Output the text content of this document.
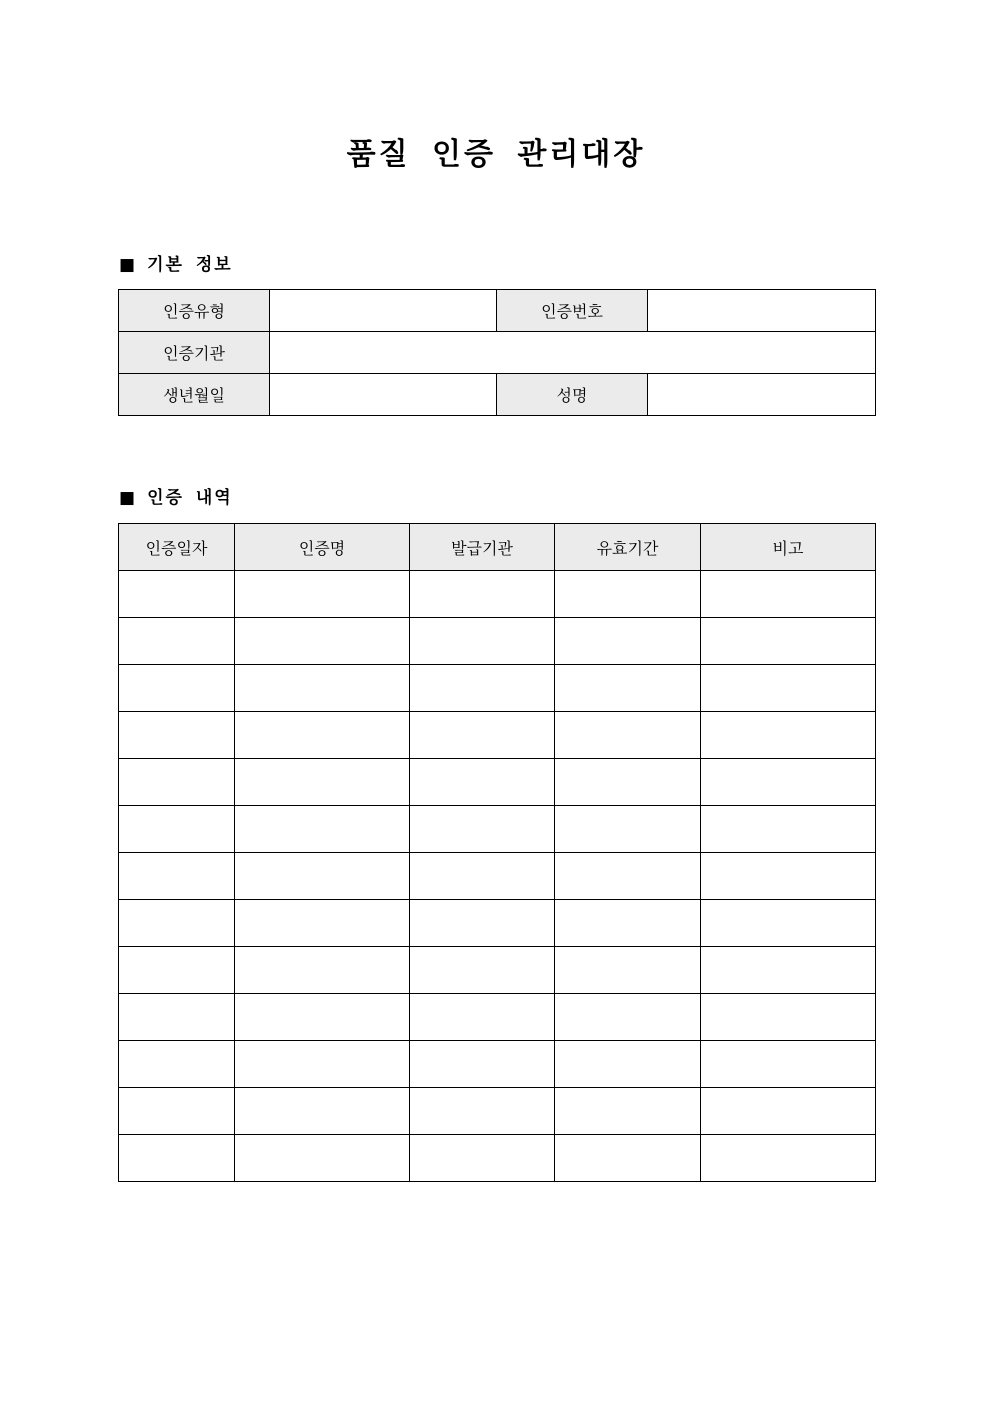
품질 인증 관리대장
■ 기본 정보
인증유형		인증번호	
인증기관			
생년월일		성명	
■ 인증 내역
인증일자	인증명	발급기관	유효기간	비고
